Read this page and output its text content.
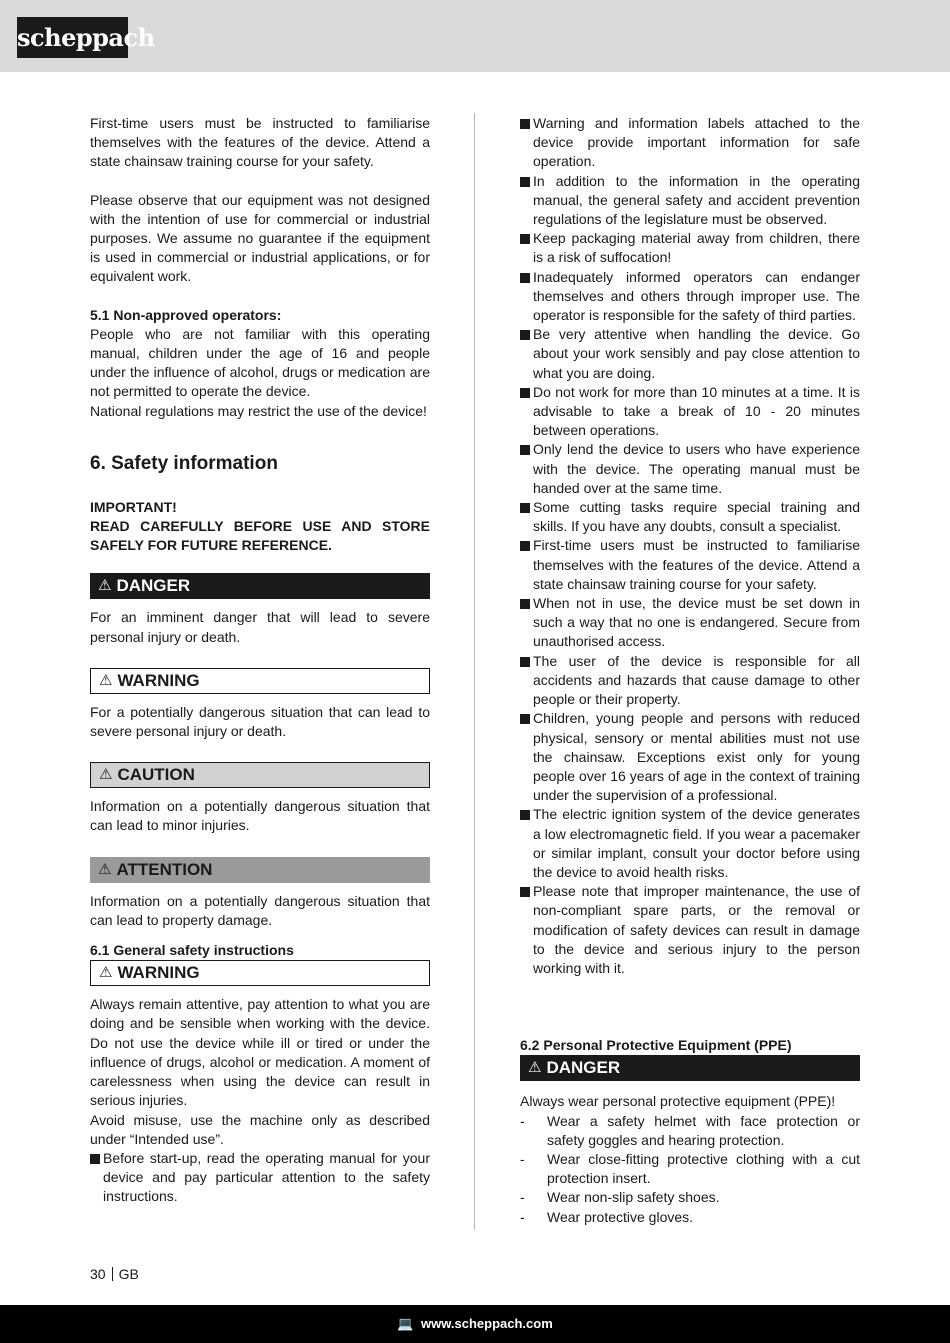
scheppach

First-time users must be instructed to familiarise themselves with the features of the device. Attend a state chainsaw training course for your safety.

Please observe that our equipment was not designed with the intention of use for commercial or industrial purposes. We assume no guarantee if the equipment is used in commercial or industrial applications, or for equivalent work.

5.1 Non-approved operators:

People who are not familiar with this operating manual, children under the age of 16 and people under the influence of alcohol, drugs or medication are not permitted to operate the device.

National regulations may restrict the use of the device!

6. Safety information

IMPORTANT!

READ CAREFULLY BEFORE USE AND STORE SAFELY FOR FUTURE REFERENCE.

⚠ DANGER

For an imminent danger that will lead to severe personal injury or death.

⚠ WARNING

For a potentially dangerous situation that can lead to severe personal injury or death.

⚠ CAUTION

Information on a potentially dangerous situation that can lead to minor injuries.

⚠ ATTENTION

Information on a potentially dangerous situation that can lead to property damage.

6.1 General safety instructions

⚠ WARNING

Always remain attentive, pay attention to what you are doing and be sensible when working with the device. Do not use the device while ill or tired or under the influence of drugs, alcohol or medication. A moment of carelessness when using the device can result in serious injuries.

Avoid misuse, use the machine only as described under “Intended use”.

Before start-up, read the operating manual for your device and pay particular attention to the safety instructions.
Warning and information labels attached to the device provide important information for safe operation.
In addition to the information in the operating manual, the general safety and accident prevention regulations of the legislature must be observed.
Keep packaging material away from children, there is a risk of suffocation!
Inadequately informed operators can endanger themselves and others through improper use. The operator is responsible for the safety of third parties.
Be very attentive when handling the device. Go about your work sensibly and pay close attention to what you are doing.
Do not work for more than 10 minutes at a time. It is advisable to take a break of 10 - 20 minutes between operations.
Only lend the device to users who have experience with the device. The operating manual must be handed over at the same time.
Some cutting tasks require special training and skills. If you have any doubts, consult a specialist.
First-time users must be instructed to familiarise themselves with the features of the device. Attend a state chainsaw training course for your safety.
When not in use, the device must be set down in such a way that no one is endangered. Secure from unauthorised access.
The user of the device is responsible for all accidents and hazards that cause damage to other people or their property.
Children, young people and persons with reduced physical, sensory or mental abilities must not use the chainsaw. Exceptions exist only for young people over 16 years of age in the context of training under the supervision of a professional.
The electric ignition system of the device generates a low electromagnetic field. If you wear a pacemaker or similar implant, consult your doctor before using the device to avoid health risks.
Please note that improper maintenance, the use of non-compliant spare parts, or the removal or modification of safety devices can result in damage to the device and serious injury to the person working with it.

6.2 Personal Protective Equipment (PPE)

⚠ DANGER

Always wear personal protective equipment (PPE)!

- Wear a safety helmet with face protection or safety goggles and hearing protection.
- Wear close-fitting protective clothing with a cut protection insert.
- Wear non-slip safety shoes.
- Wear protective gloves.
30 GB
💻 www.scheppach.com
